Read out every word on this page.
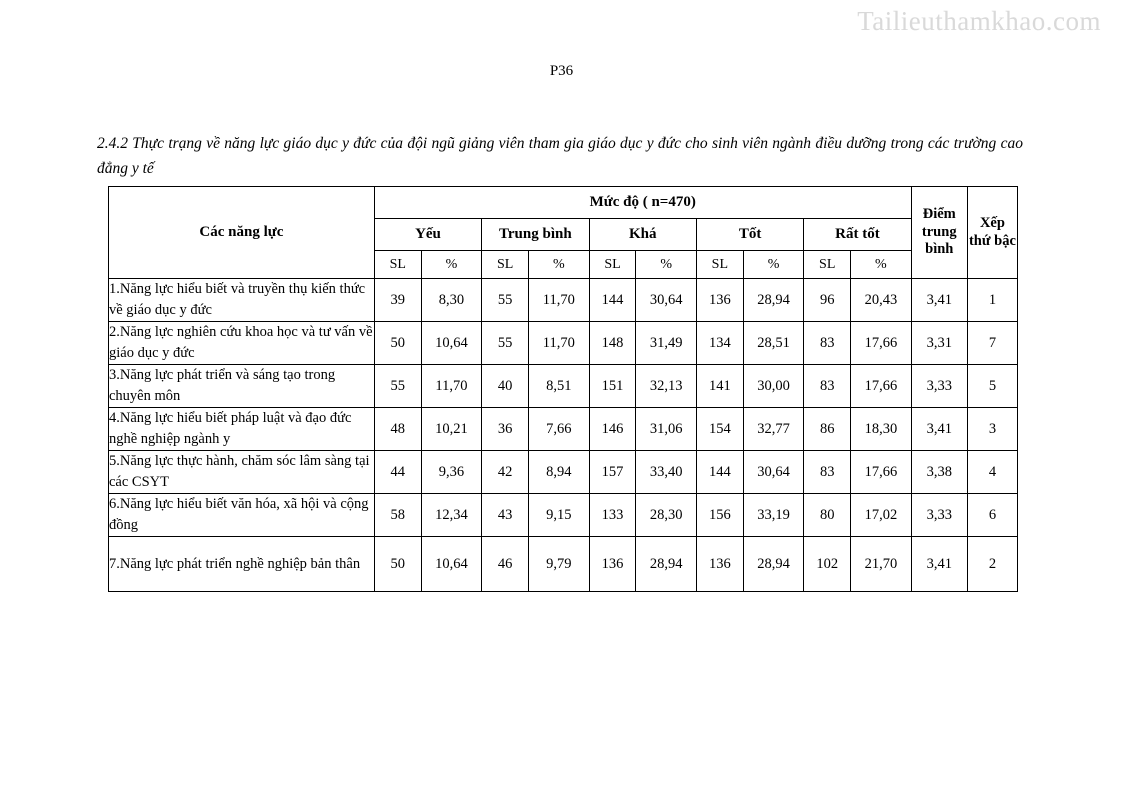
Tailieuthamkhao.com
P36
2.4.2 Thực trạng về năng lực giáo dục y đức của đội ngũ giảng viên tham gia giáo dục y đức cho sinh viên ngành điều dưỡng trong các trường cao đẳng y tế
Các năng lực	Mức độ ( n=470)										Điểm trung bình	Xếp thứ bậc
	Yếu		Trung bình		Khá		Tốt		Rất tốt			
	SL	%	SL	%	SL	%	SL	%	SL	%		
1.Năng lực hiểu biết và truyền thụ kiến thức về giáo dục y đức	39	8,30	55	11,70	144	30,64	136	28,94	96	20,43	3,41	1
2.Năng lực nghiên cứu khoa học và tư vấn về giáo dục y đức	50	10,64	55	11,70	148	31,49	134	28,51	83	17,66	3,31	7
3.Năng lực phát triển và sáng tạo trong chuyên môn	55	11,70	40	8,51	151	32,13	141	30,00	83	17,66	3,33	5
4.Năng lực hiểu biết pháp luật và đạo đức nghề nghiệp ngành y	48	10,21	36	7,66	146	31,06	154	32,77	86	18,30	3,41	3
5.Năng lực thực hành, chăm sóc lâm sàng tại các CSYT	44	9,36	42	8,94	157	33,40	144	30,64	83	17,66	3,38	4
6.Năng lực hiểu biết văn hóa, xã hội và cộng đồng	58	12,34	43	9,15	133	28,30	156	33,19	80	17,02	3,33	6
7.Năng lực phát triển nghề nghiệp bản thân	50	10,64	46	9,79	136	28,94	136	28,94	102	21,70	3,41	2
